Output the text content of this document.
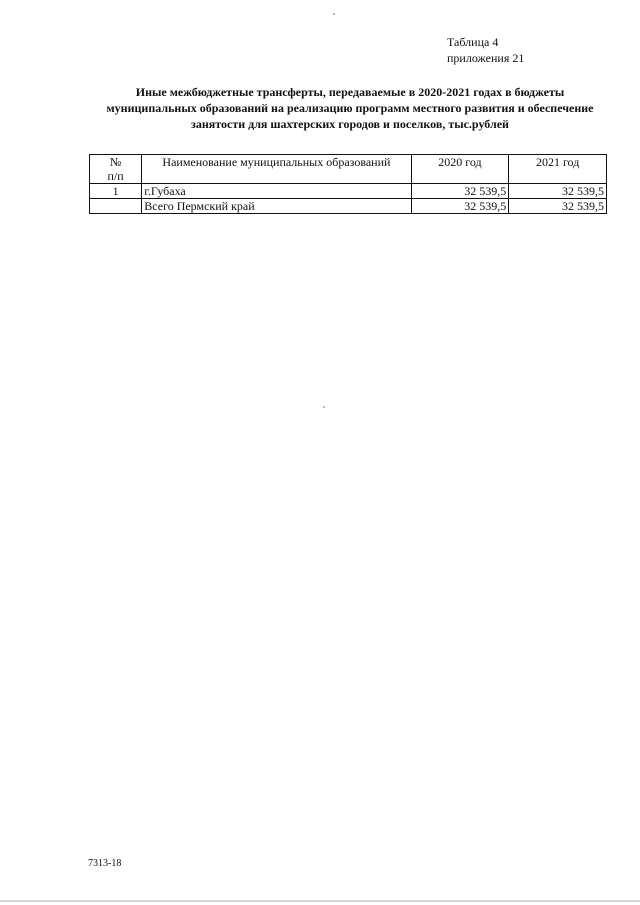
Таблица 4
приложения 21
Иные межбюджетные трансферты, передаваемые в 2020-2021 годах в бюджеты
муниципальных образований на реализацию программ местного развития и обеспечение
занятости для шахтерских городов и поселков, тыс.рублей
№
п/п	Наименование муниципальных образований	2020 год	2021 год
1	г.Губаха	32 539,5	32 539,5
	Всего Пермский край	32 539,5	32 539,5
7313-18
